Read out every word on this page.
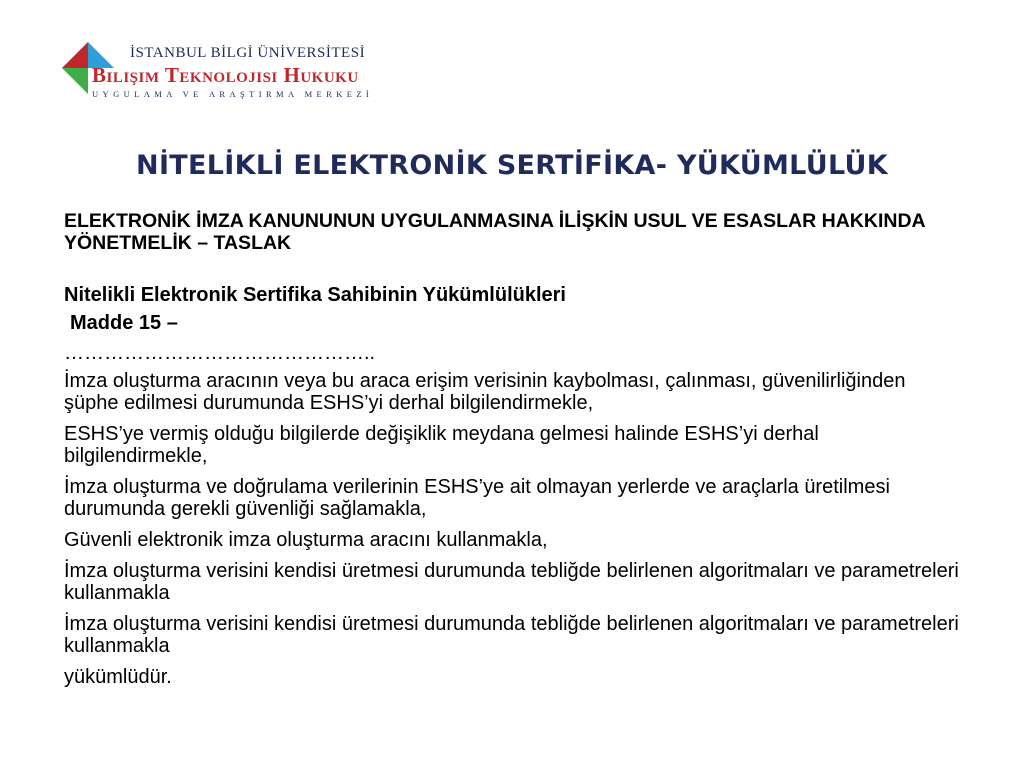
İSTANBUL BİLGİ ÜNİVERSİTESİ
Bilişim Teknolojisi Hukuku
UYGULAMA VE ARAŞTIRMA MERKEZİ
NİTELİKLİ ELEKTRONİK SERTİFİKA- YÜKÜMLÜLÜK

ELEKTRONİK İMZA KANUNUNUN UYGULANMASINA İLİŞKİN USUL VE ESASLAR HAKKINDA YÖNETMELİK – TASLAK

Nitelikli Elektronik Sertifika Sahibinin Yükümlülükleri

Madde 15 –

………………………………………..

İmza oluşturma aracının veya bu araca erişim verisinin kaybolması, çalınması, güvenilirliğinden şüphe edilmesi durumunda ESHS’yi derhal bilgilendirmekle,

ESHS’ye vermiş olduğu bilgilerde değişiklik meydana gelmesi halinde ESHS’yi derhal bilgilendirmekle,

İmza oluşturma ve doğrulama verilerinin ESHS’ye ait olmayan yerlerde ve araçlarla üretilmesi durumunda gerekli güvenliği sağlamakla,

Güvenli elektronik imza oluşturma aracını kullanmakla,

İmza oluşturma verisini kendisi üretmesi durumunda tebliğde belirlenen algoritmaları ve parametreleri kullanmakla

İmza oluşturma verisini kendisi üretmesi durumunda tebliğde belirlenen algoritmaları ve parametreleri kullanmakla

yükümlüdür.
